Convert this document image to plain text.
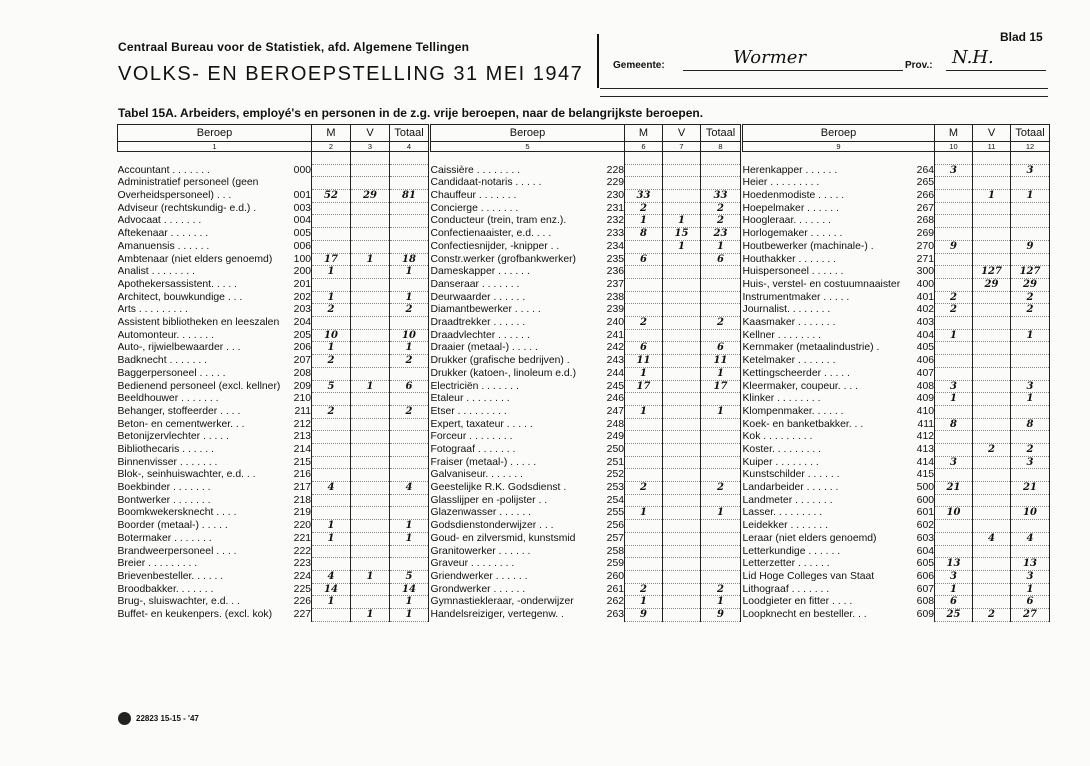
Centraal Bureau voor de Statistiek, afd. Algemene Tellingen
VOLKS- EN BEROEPSTELLING 31 MEI 1947
Blad 15
Gemeente:	Wormer	Prov.: N.H.
Tabel 15A. Arbeiders, employé's en personen in de z.g. vrije beroepen, naar de belangrijkste beroepen.
Beroep		M	V	Totaal
1		2	3	4

Accountant . . . . . . .	000			
Administratief personeel (geen				
Overheidspersoneel) . . .	001	52	29	81
Adviseur (rechtskundig- e.d.) .	003			
Advocaat . . . . . . .	004			
Aftekenaar . . . . . . .	005			
Amanuensis . . . . . .	006			
Ambtenaar (niet elders genoemd)	100	17	1	18
Analist . . . . . . . .	200	1		1
Apothekersassistent. . . . .	201			
Architect, bouwkundige . . .	202	1		1
Arts . . . . . . . . .	203	2		2
Assistent bibliotheken en leeszalen	204			
Automonteur. . . . . . .	205	10		10
Auto-, rijwielbewaarder . . .	206	1		1
Badknecht . . . . . . .	207	2		2
Baggerpersoneel . . . . .	208			
Bedienend personeel (excl. kellner)	209	5	1	6
Beeldhouwer . . . . . . .	210			
Behanger, stoffeerder . . . .	211	2		2
Beton- en cementwerker. . .	212			
Betonijzervlechter . . . . .	213			
Bibliothecaris . . . . . .	214			
Binnenvisser . . . . . . .	215			
Blok-, seinhuiswachter, e.d. . .	216			
Boekbinder . . . . . . .	217	4		4
Bontwerker . . . . . . .	218			
Boomkwekersknecht . . . .	219			
Boorder (metaal-) . . . . .	220	1		1
Botermaker . . . . . . .	221	1		1
Brandweerpersoneel . . . .	222			
Breier . . . . . . . . .	223			
Brievenbesteller. . . . . .	224	4	1	5
Broodbakker. . . . . . .	225	14		14
Brug-, sluiswachter, e.d. . .	226	1		1
Buffet- en keukenpers. (excl. kok)	227		1	1
Beroep		M	V	Totaal
5		6	7	8

Caissière . . . . . . . .	228			
Candidaat-notaris . . . . .	229			
Chauffeur . . . . . . .	230	33		33
Concierge . . . . . . .	231	2		2
Conducteur (trein, tram enz.).	232	1	1	2
Confectienaaister, e.d. . . .	233	8	15	23
Confectiesnijder, -knipper . .	234		1	1
Constr.werker (grofbankwerker)	235	6		6
Dameskapper . . . . . .	236			
Danseraar . . . . . . .	237			
Deurwaarder . . . . . .	238			
Diamantbewerker . . . . .	239			
Draadtrekker . . . . . .	240	2		2
Draadvlechter . . . . . .	241			
Draaier (metaal-) . . . . .	242	6		6
Drukker (grafische bedrijven) .	243	11		11
Drukker (katoen-, linoleum e.d.)	244	1		1
Electriciën . . . . . . .	245	17		17
Etaleur . . . . . . . .	246			
Etser . . . . . . . . .	247	1		1
Expert, taxateur . . . . .	248			
Forceur . . . . . . . .	249			
Fotograaf . . . . . . .	250			
Fraiser (metaal-) . . . . .	251			
Galvaniseur. . . . . . .	252			
Geestelijke R.K. Godsdienst .	253	2		2
Glasslijper en -polijster . .	254			
Glazenwasser . . . . . .	255	1		1
Godsdienstonderwijzer . . .	256			
Goud- en zilversmid, kunstsmid	257			
Granitowerker . . . . . .	258			
Graveur . . . . . . . .	259			
Griendwerker . . . . . .	260			
Grondwerker . . . . . .	261	2		2
Gymnastiekleraar, -onderwijzer	262	1		1
Handelsreiziger, vertegenw. .	263	9		9
Beroep		M	V	Totaal
9		10	11	12

Herenkapper . . . . . .	264	3		3
Heier . . . . . . . . .	265			
Hoedenmodiste . . . . .	266		1	1
Hoepelmaker . . . . . .	267			
Hoogleraar. . . . . . .	268			
Horlogemaker . . . . . .	269			
Houtbewerker (machinale-) .	270	9		9
Houthakker . . . . . . .	271			
Huispersoneel . . . . . .	300		127	127
Huis-, verstel- en costuumnaaister	400		29	29
Instrumentmaker . . . . .	401	2		2
Journalist. . . . . . . .	402	2		2
Kaasmaker . . . . . . .	403			
Kellner . . . . . . . .	404	1		1
Kernmaker (metaalindustrie) .	405			
Ketelmaker . . . . . . .	406			
Kettingscheerder . . . . .	407			
Kleermaker, coupeur. . . .	408	3		3
Klinker . . . . . . . .	409	1		1
Klompenmaker. . . . . .	410			
Koek- en banketbakker. . .	411	8		8
Kok . . . . . . . . .	412			
Koster. . . . . . . . .	413		2	2
Kuiper . . . . . . . .	414	3		3
Kunstschilder . . . . . .	415			
Landarbeider . . . . . .	500	21		21
Landmeter . . . . . . .	600			
Lasser. . . . . . . . .	601	10		10
Leidekker . . . . . . .	602			
Leraar (niet elders genoemd)	603		4	4
Letterkundige . . . . . .	604			
Letterzetter . . . . . .	605	13		13
Lid Hoge Colleges van Staat	606	3		3
Lithograaf . . . . . . .	607	1		1
Loodgieter en fitter . . . .	608	6		6
Loopknecht en besteller. . .	609	25	2	27
22823 15-15 - '47
